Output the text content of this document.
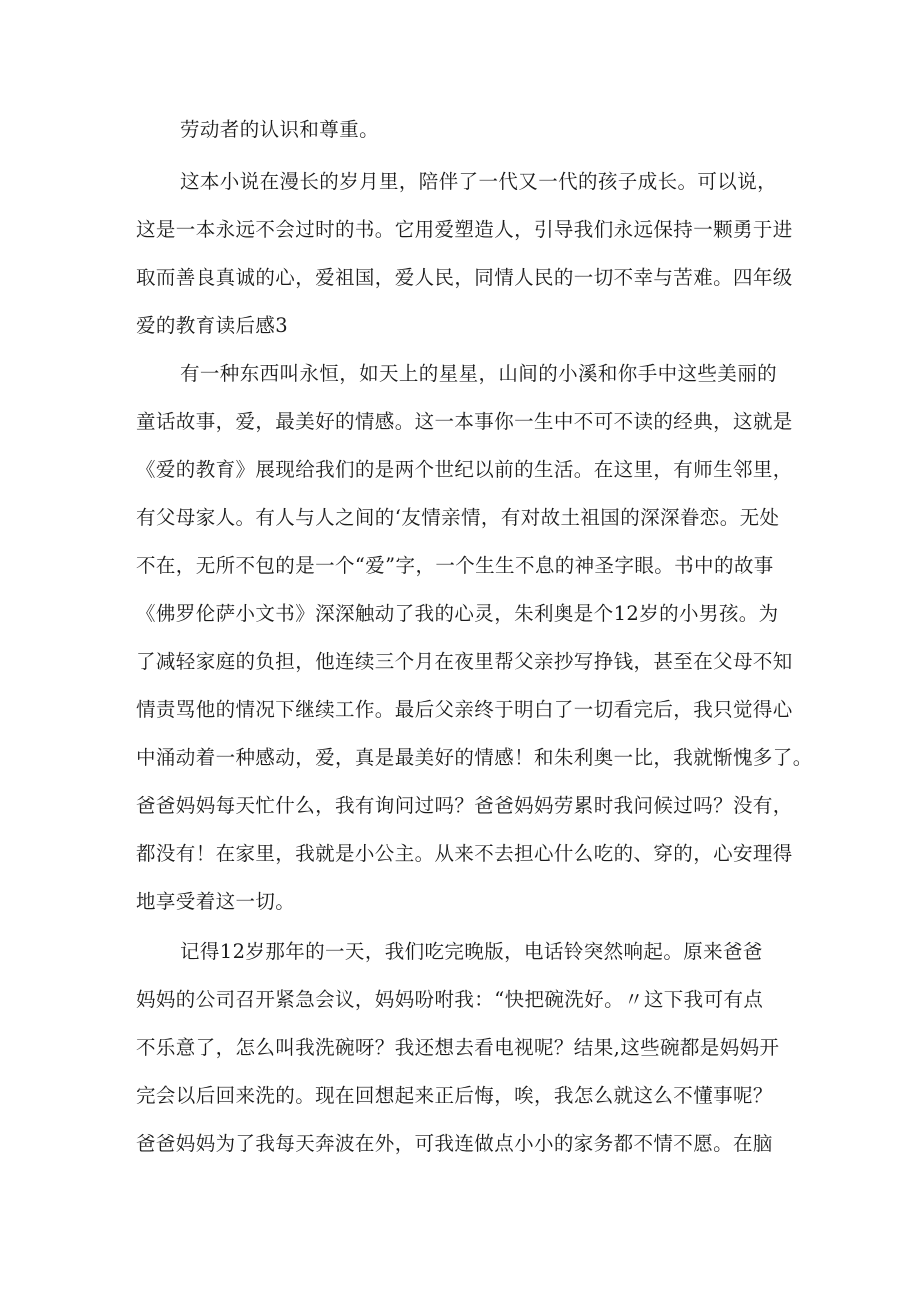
劳动者的认识和尊重。
这本小说在漫长的岁月里，陪伴了一代又一代的孩子成长。可以说，
这是一本永远不会过时的书。它用爱塑造人，引导我们永远保持一颗勇于进
取而善良真诚的心，爱祖国，爱人民，同情人民的一切不幸与苦难。四年级
爱的教育读后感3
有一种东西叫永恒，如天上的星星，山间的小溪和你手中这些美丽的
童话故事，爱，最美好的情感。这一本事你一生中不可不读的经典，这就是
《爱的教育》展现给我们的是两个世纪以前的生活。在这里，有师生邻里，
有父母家人。有人与人之间的‘友情亲情，有对故土祖国的深深眷恋。无处
不在，无所不包的是一个“爱”字，一个生生不息的神圣字眼。书中的故事
《佛罗伦萨小文书》深深触动了我的心灵，朱利奥是个12岁的小男孩。为
了减轻家庭的负担，他连续三个月在夜里帮父亲抄写挣钱，甚至在父母不知
情责骂他的情况下继续工作。最后父亲终于明白了一切看完后，我只觉得心
中涌动着一种感动，爱，真是最美好的情感！和朱利奥一比，我就惭愧多了。
爸爸妈妈每天忙什么，我有询问过吗？爸爸妈妈劳累时我问候过吗？没有，
都没有！在家里，我就是小公主。从来不去担心什么吃的、穿的，心安理得
地享受着这一切。
记得12岁那年的一天，我们吃完晚版，电话铃突然响起。原来爸爸
妈妈的公司召开紧急会议，妈妈吩咐我：“快把碗洗好。〃这下我可有点
不乐意了，怎么叫我洗碗呀？我还想去看电视呢？结果,这些碗都是妈妈开
完会以后回来洗的。现在回想起来正后悔，唉，我怎么就这么不懂事呢？
爸爸妈妈为了我每天奔波在外，可我连做点小小的家务都不情不愿。在脑
